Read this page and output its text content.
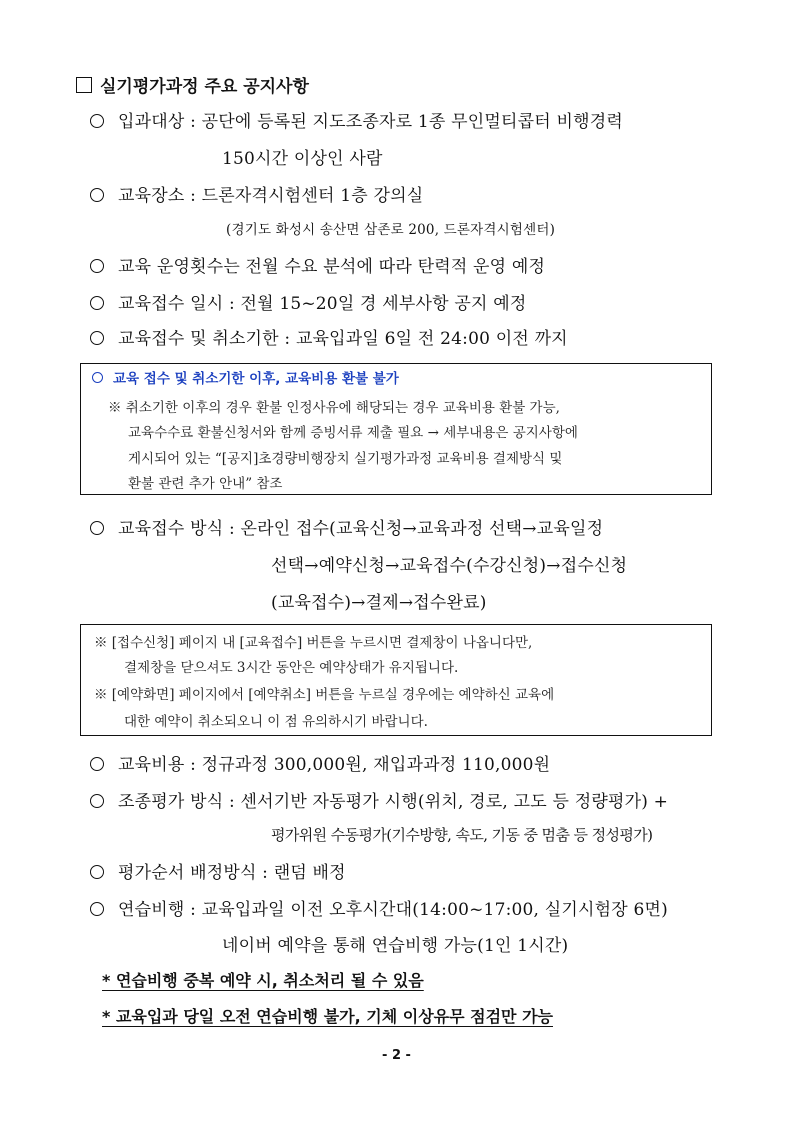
실기평가과정 주요 공지사항
입과대상 : 공단에 등록된 지도조종자로 1종 무인멀티콥터 비행경력
150시간 이상인 사람
교육장소 : 드론자격시험센터 1층 강의실
(경기도 화성시 송산면 삼존로 200, 드론자격시험센터)
교육 운영횟수는 전월 수요 분석에 따라 탄력적 운영 예정
교육접수 일시 : 전월 15~20일 경 세부사항 공지 예정
교육접수 및 취소기한 : 교육입과일 6일 전 24:00 이전 까지
교육 접수 및 취소기한 이후, 교육비용 환불 불가
※ 취소기한 이후의 경우 환불 인정사유에 해당되는 경우 교육비용 환불 가능,
교육수수료 환불신청서와 함께 증빙서류 제출 필요 → 세부내용은 공지사항에
게시되어 있는 “[공지]초경량비행장치 실기평가과정 교육비용 결제방식 및
환불 관련 추가 안내” 참조
교육접수 방식 : 온라인 접수(교육신청→교육과정 선택→교육일정
선택→예약신청→교육접수(수강신청)→접수신청
(교육접수)→결제→접수완료)
※ [접수신청] 페이지 내 [교육접수] 버튼을 누르시면 결제창이 나옵니다만,
결제창을 닫으셔도 3시간 동안은 예약상태가 유지됩니다.
※ [예약화면] 페이지에서 [예약취소] 버튼을 누르실 경우에는 예약하신 교육에
대한 예약이 취소되오니 이 점 유의하시기 바랍니다.
교육비용 : 정규과정 300,000원, 재입과과정 110,000원
조종평가 방식 : 센서기반 자동평가 시행(위치, 경로, 고도 등 정량평가) +
평가위원 수동평가(기수방향, 속도, 기동 중 멈춤 등 정성평가)
평가순서 배정방식 : 랜덤 배정
연습비행 : 교육입과일 이전 오후시간대(14:00~17:00, 실기시험장 6면)
네이버 예약을 통해 연습비행 가능(1인 1시간)
* 연습비행 중복 예약 시, 취소처리 될 수 있음
* 교육입과 당일 오전 연습비행 불가, 기체 이상유무 점검만 가능
- 2 -
